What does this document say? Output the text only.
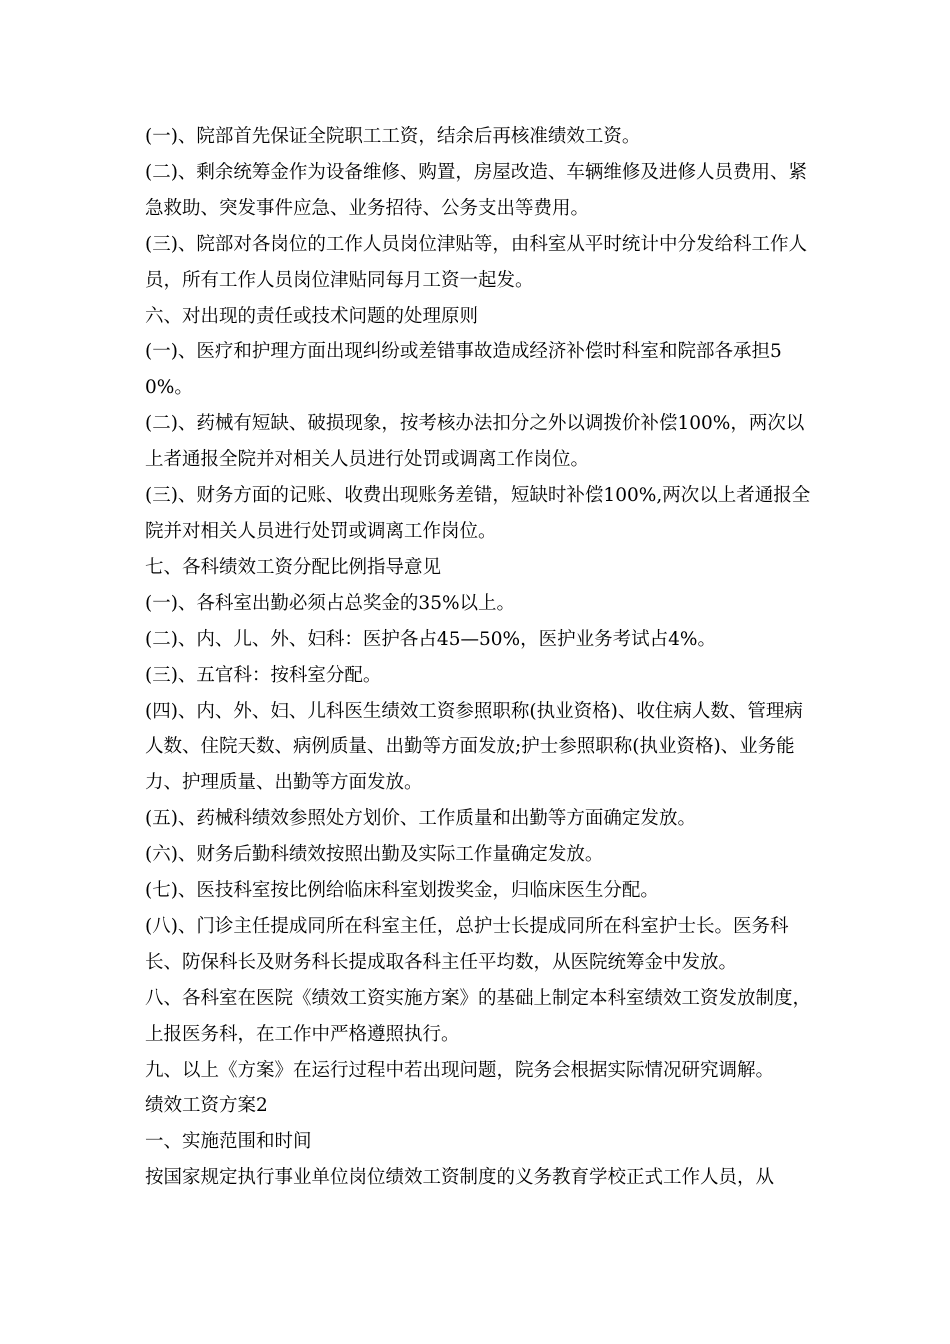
(一)、院部首先保证全院职工工资，结余后再核准绩效工资。

(二)、剩余统筹金作为设备维修、购置，房屋改造、车辆维修及进修人员费用、紧急救助、突发事件应急、业务招待、公务支出等费用。

(三)、院部对各岗位的工作人员岗位津贴等，由科室从平时统计中分发给科工作人员，所有工作人员岗位津贴同每月工资一起发。

六、对出现的责任或技术问题的处理原则

(一)、医疗和护理方面出现纠纷或差错事故造成经济补偿时科室和院部各承担50%。

(二)、药械有短缺、破损现象，按考核办法扣分之外以调拨价补偿100%，两次以上者通报全院并对相关人员进行处罚或调离工作岗位。

(三)、财务方面的记账、收费出现账务差错，短缺时补偿100%,两次以上者通报全院并对相关人员进行处罚或调离工作岗位。

七、各科绩效工资分配比例指导意见

(一)、各科室出勤必须占总奖金的35%以上。

(二)、内、儿、外、妇科：医护各占45—50%，医护业务考试占4%。

(三)、五官科：按科室分配。

(四)、内、外、妇、儿科医生绩效工资参照职称(执业资格)、收住病人数、管理病人数、住院天数、病例质量、出勤等方面发放;护士参照职称(执业资格)、业务能力、护理质量、出勤等方面发放。

(五)、药械科绩效参照处方划价、工作质量和出勤等方面确定发放。

(六)、财务后勤科绩效按照出勤及实际工作量确定发放。

(七)、医技科室按比例给临床科室划拨奖金，归临床医生分配。

(八)、门诊主任提成同所在科室主任，总护士长提成同所在科室护士长。医务科长、防保科长及财务科长提成取各科主任平均数，从医院统筹金中发放。

八、各科室在医院《绩效工资实施方案》的基础上制定本科室绩效工资发放制度，上报医务科，在工作中严格遵照执行。

九、以上《方案》在运行过程中若出现问题，院务会根据实际情况研究调解。

绩效工资方案2

一、实施范围和时间

按国家规定执行事业单位岗位绩效工资制度的义务教育学校正式工作人员，从
